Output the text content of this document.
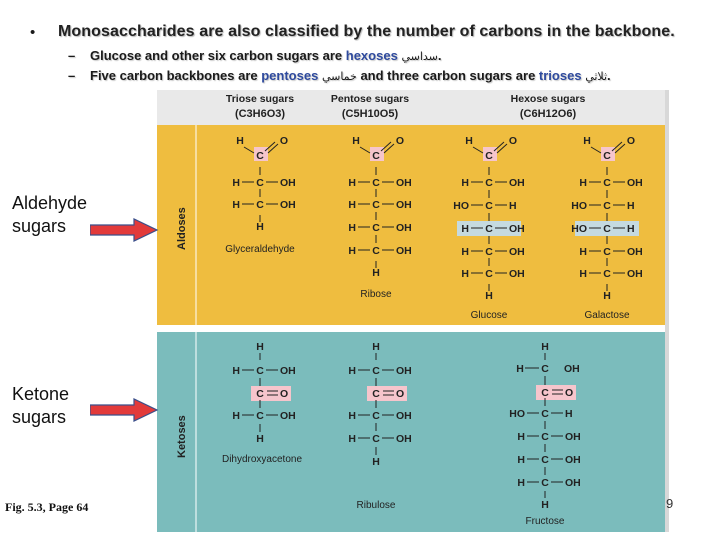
• Monosaccharides are also classified by the number of carbons in the backbone.
– Glucose and other six carbon sugars are hexoses سداسي.
– Five carbon backbones are pentoses خماسي and three carbon sugars are trioses ثلاثي.
Triose sugars
(C3H6O3)
Pentose sugars
(C5H10O5)
Hexose sugars
(C6H12O6)
Aldoses
Ketoses
H
C
O
C
H	OH
C
H	OH
H
H
C
O
C
H	OH
C
H	OH
C
H	OH
C
H	OH
H
H
C
O
C
H	OH
C
HO	H
C
H	OH
C
H	OH
C
H	OH
H
H
C
O
C
H	OH
C
HO	H
C
HO	H
C
H	OH
C
H	OH
H
H
C
H	OH
C O
C
H	OH
H
H
C
H	OH
C O
C
H	OH
C
H	OH
H
H
H C OH
C O
C
HO	H
C
H	OH
C
H	OH
C
H	OH
H
Glyceraldehyde
Ribose
Glucose	Galactose
Dihydroxyacetone
Ribulose
Fructose
Aldehyde
sugars
Ketone
sugars
Fig. 5.3, Page 64	9
